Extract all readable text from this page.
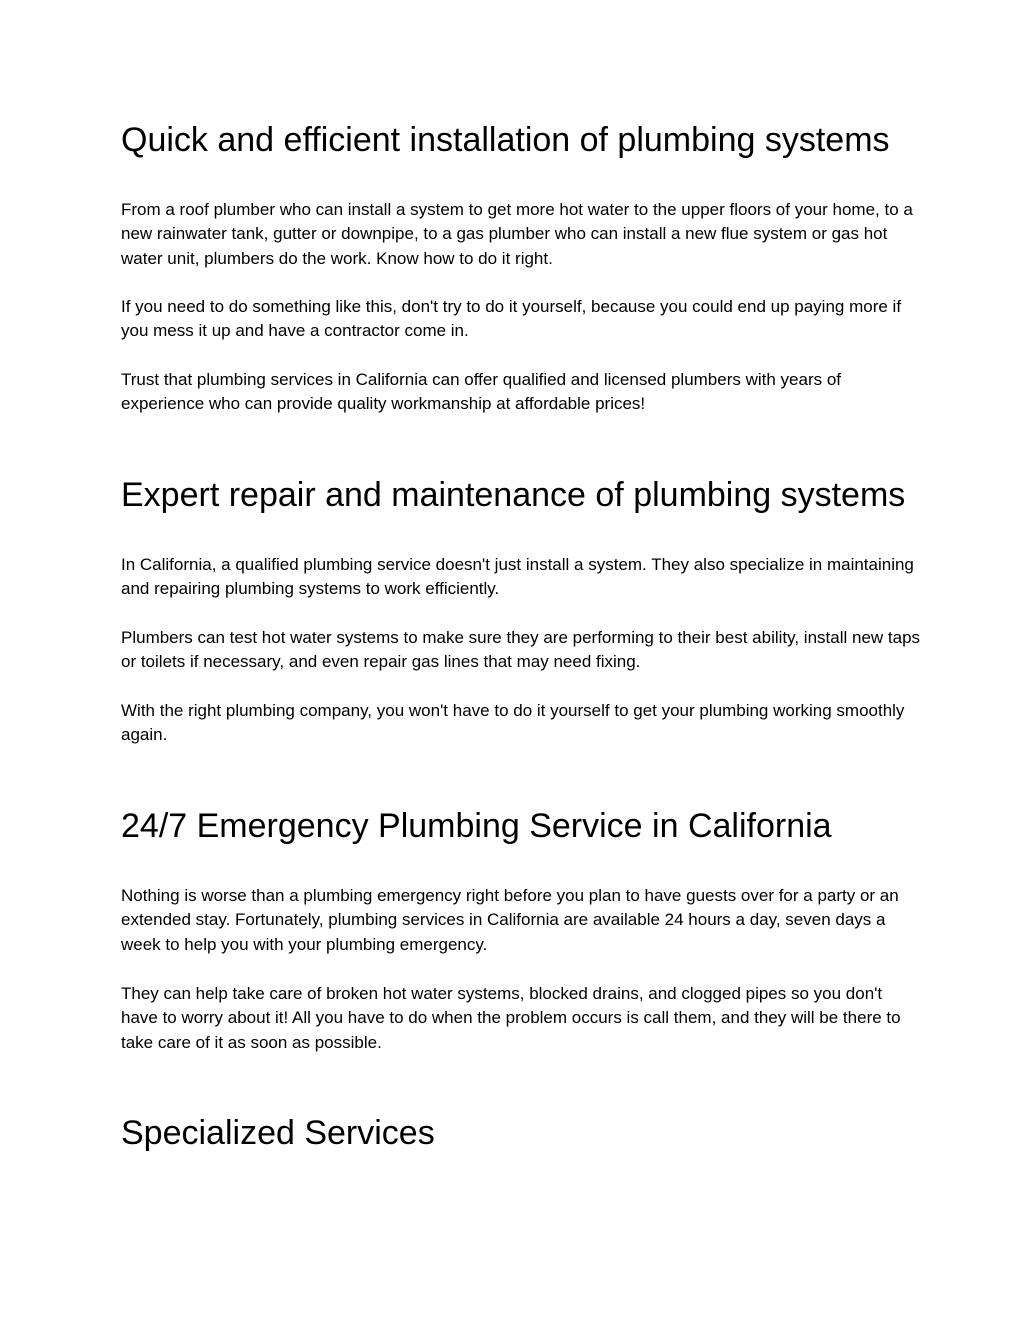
Quick and efficient installation of plumbing systems

From a roof plumber who can install a system to get more hot water to the upper floors of your home, to a new rainwater tank, gutter or downpipe, to a gas plumber who can install a new flue system or gas hot water unit, plumbers do the work. Know how to do it right.

If you need to do something like this, don't try to do it yourself, because you could end up paying more if you mess it up and have a contractor come in.

Trust that plumbing services in California can offer qualified and licensed plumbers with years of experience who can provide quality workmanship at affordable prices!

Expert repair and maintenance of plumbing systems

In California, a qualified plumbing service doesn't just install a system. They also specialize in maintaining and repairing plumbing systems to work efficiently.

Plumbers can test hot water systems to make sure they are performing to their best ability, install new taps or toilets if necessary, and even repair gas lines that may need fixing.

With the right plumbing company, you won't have to do it yourself to get your plumbing working smoothly again.

24/7 Emergency Plumbing Service in California

Nothing is worse than a plumbing emergency right before you plan to have guests over for a party or an extended stay. Fortunately, plumbing services in California are available 24 hours a day, seven days a week to help you with your plumbing emergency.

They can help take care of broken hot water systems, blocked drains, and clogged pipes so you don't have to worry about it! All you have to do when the problem occurs is call them, and they will be there to take care of it as soon as possible.

Specialized Services
